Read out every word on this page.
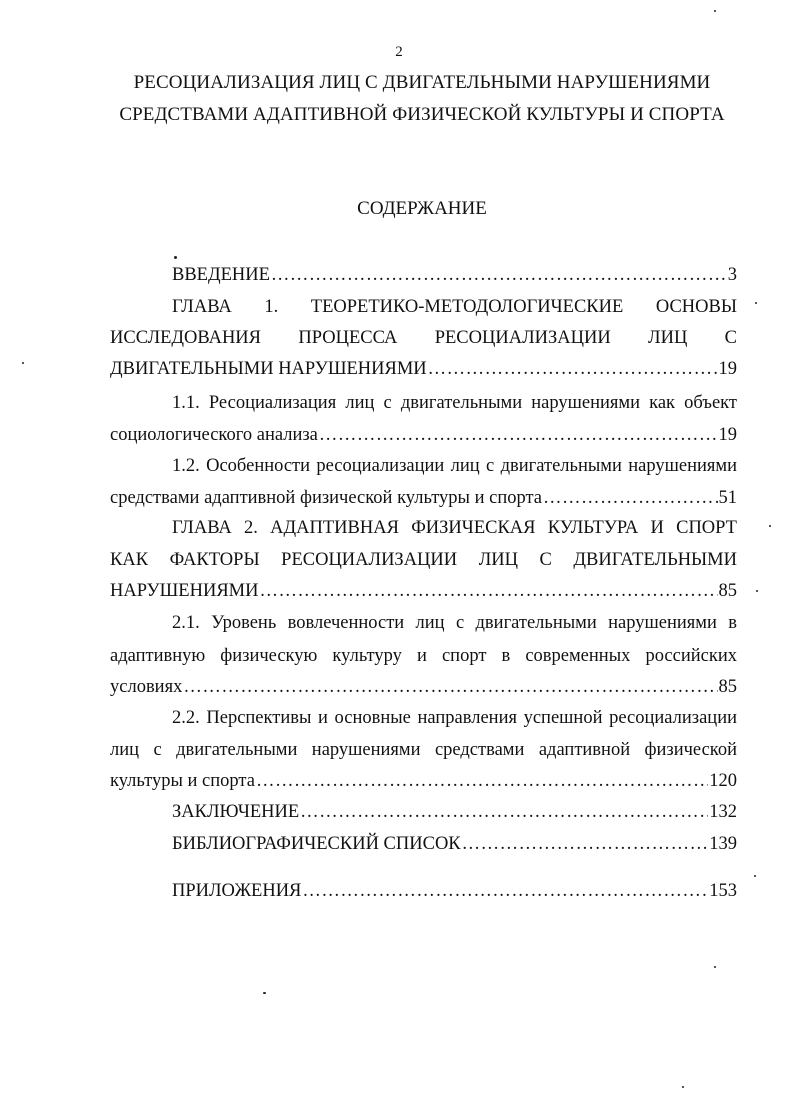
2
РЕСОЦИАЛИЗАЦИЯ ЛИЦ С ДВИГАТЕЛЬНЫМИ НАРУШЕНИЯМИ
СРЕДСТВАМИ АДАПТИВНОЙ ФИЗИЧЕСКОЙ КУЛЬТУРЫ И СПОРТА
СОДЕРЖАНИЕ
ВВЕДЕНИЕ ………………………………………………………………………………………………………………………………………………………………………	3
ГЛАВА 1. ТЕОРЕТИКО-МЕТОДОЛОГИЧЕСКИЕ ОСНОВЫ
ИССЛЕДОВАНИЯ ПРОЦЕССА РЕСОЦИАЛИЗАЦИИ ЛИЦ С
ДВИГАТЕЛЬНЫМИ НАРУШЕНИЯМИ ………………………………………………………………………………………………………………………………………………………………………	19
1.1. Ресоциализация лиц с двигательными нарушениями как объект
социологического анализа ………………………………………………………………………………………………………………………………………………………………………	19
1.2. Особенности ресоциализации лиц с двигательными нарушениями
средствами адаптивной физической культуры и спорта ………………………………………………………………………………………………………………………………………………………………………	51
ГЛАВА 2. АДАПТИВНАЯ ФИЗИЧЕСКАЯ КУЛЬТУРА И СПОРТ
КАК ФАКТОРЫ РЕСОЦИАЛИЗАЦИИ ЛИЦ С ДВИГАТЕЛЬНЫМИ
НАРУШЕНИЯМИ ………………………………………………………………………………………………………………………………………………………………………	85
2.1. Уровень вовлеченности лиц с двигательными нарушениями в
адаптивную физическую культуру и спорт в современных российских
условиях ………………………………………………………………………………………………………………………………………………………………………	85
2.2. Перспективы и основные направления успешной ресоциализации
лиц с двигательными нарушениями средствами адаптивной физической
культуры и спорта ………………………………………………………………………………………………………………………………………………………………………	120
ЗАКЛЮЧЕНИЕ ………………………………………………………………………………………………………………………………………………………………………	132
БИБЛИОГРАФИЧЕСКИЙ СПИСОК ………………………………………………………………………………………………………………………………………………………………………	139
ПРИЛОЖЕНИЯ ………………………………………………………………………………………………………………………………………………………………………	153
